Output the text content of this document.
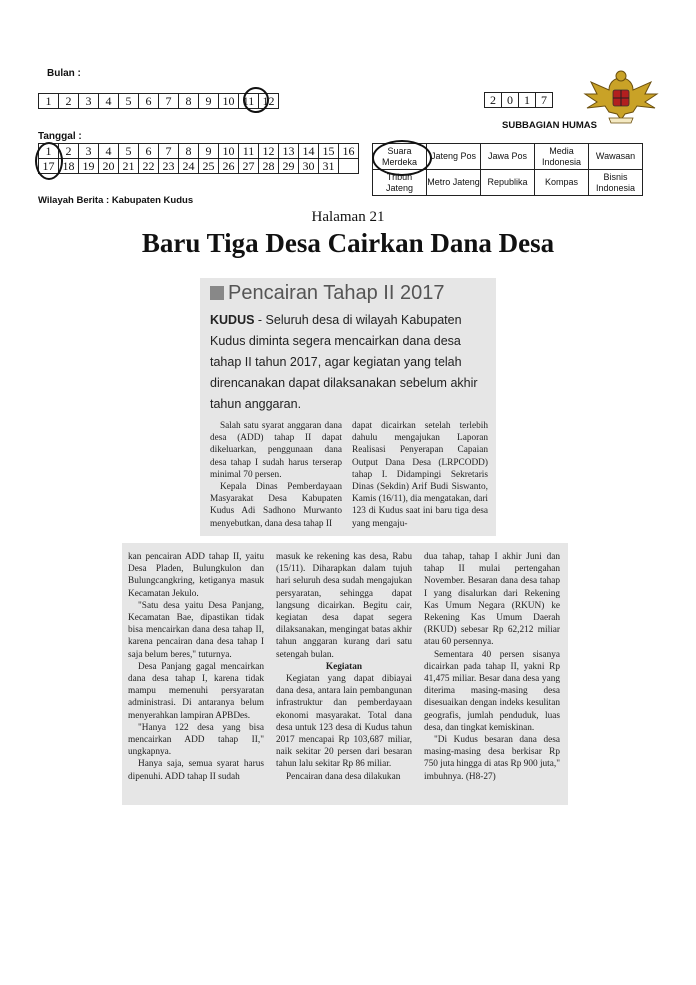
Bulan :
1	2	3	4	5	6	7	8	9	10	11	12	2	0	1	7
SUBBAGIAN HUMAS
Tanggal :
1	2	3	4	5	6	7	8	9	10	11	12	13	14	15	16
17	18	19	20	21	22	23	24	25	26	27	28	29	30	31	
Suara Merdeka	Jateng Pos	Jawa Pos	Media Indonesia	Wawasan
Tribun Jateng	Metro Jateng	Republika	Kompas	Bisnis Indonesia
Wilayah Berita : Kabupaten Kudus
Halaman 21
Baru Tiga Desa Cairkan Dana Desa
Pencairan Tahap II 2017
KUDUS - Seluruh desa di wilayah Kabupaten Kudus diminta segera mencairkan dana desa tahap II tahun 2017, agar kegiatan yang telah direncanakan dapat dilaksanakan sebelum akhir tahun anggaran.

Salah satu syarat anggaran dana desa (ADD) tahap II dapat dikeluarkan, penggunaan dana desa tahap I sudah harus terserap minimal 70 persen.

Kepala Dinas Pemberdayaan Masyarakat Desa Kabupaten Kudus Adi Sadhono Murwanto menyebutkan, dana desa tahap II

dapat dicairkan setelah terlebih dahulu mengajukan Laporan Realisasi Penyerapan Capaian Output Dana Desa (LRPCODD) tahap I. Didampingi Sekretaris Dinas (Sekdin) Arif Budi Siswanto, Kamis (16/11), dia mengatakan, dari 123 di Kudus saat ini baru tiga desa yang mengaju-

kan pencairan ADD tahap II, yaitu Desa Pladen, Bulungkulon dan Bulungcangkring, ketiganya masuk Kecamatan Jekulo.

"Satu desa yaitu Desa Panjang, Kecamatan Bae, dipastikan tidak bisa mencairkan dana desa tahap II, karena pencairan dana desa tahap I saja belum beres," tuturnya.

Desa Panjang gagal mencairkan dana desa tahap I, karena tidak mampu memenuhi persyaratan administrasi. Di antaranya belum menyerahkan lampiran APBDes.

"Hanya 122 desa yang bisa mencairkan ADD tahap II," ungkapnya.

Hanya saja, semua syarat harus dipenuhi. ADD tahap II sudah

masuk ke rekening kas desa, Rabu (15/11). Diharapkan dalam tujuh hari seluruh desa sudah mengajukan persyaratan, sehingga dapat langsung dicairkan. Begitu cair, kegiatan desa dapat segera dilaksanakan, mengingat batas akhir tahun anggaran kurang dari satu setengah bulan.

Kegiatan

Kegiatan yang dapat dibiayai dana desa, antara lain pembangunan infrastruktur dan pemberdayaan ekonomi masyarakat. Total dana desa untuk 123 desa di Kudus tahun 2017 mencapai Rp 103,687 miliar, naik sekitar 20 persen dari besaran tahun lalu sekitar Rp 86 miliar.

Pencairan dana desa dilakukan

dua tahap, tahap I akhir Juni dan tahap II mulai pertengahan November. Besaran dana desa tahap I yang disalurkan dari Rekening Kas Umum Negara (RKUN) ke Rekening Kas Umum Daerah (RKUD) sebesar Rp 62,212 miliar atau 60 persennya.

Sementara 40 persen sisanya dicairkan pada tahap II, yakni Rp 41,475 miliar. Besar dana desa yang diterima masing-masing desa disesuaikan dengan indeks kesulitan geografis, jumlah penduduk, luas desa, dan tingkat kemiskinan.

"Di Kudus besaran dana desa masing-masing desa berkisar Rp 750 juta hingga di atas Rp 900 juta," imbuhnya. (H8-27)
